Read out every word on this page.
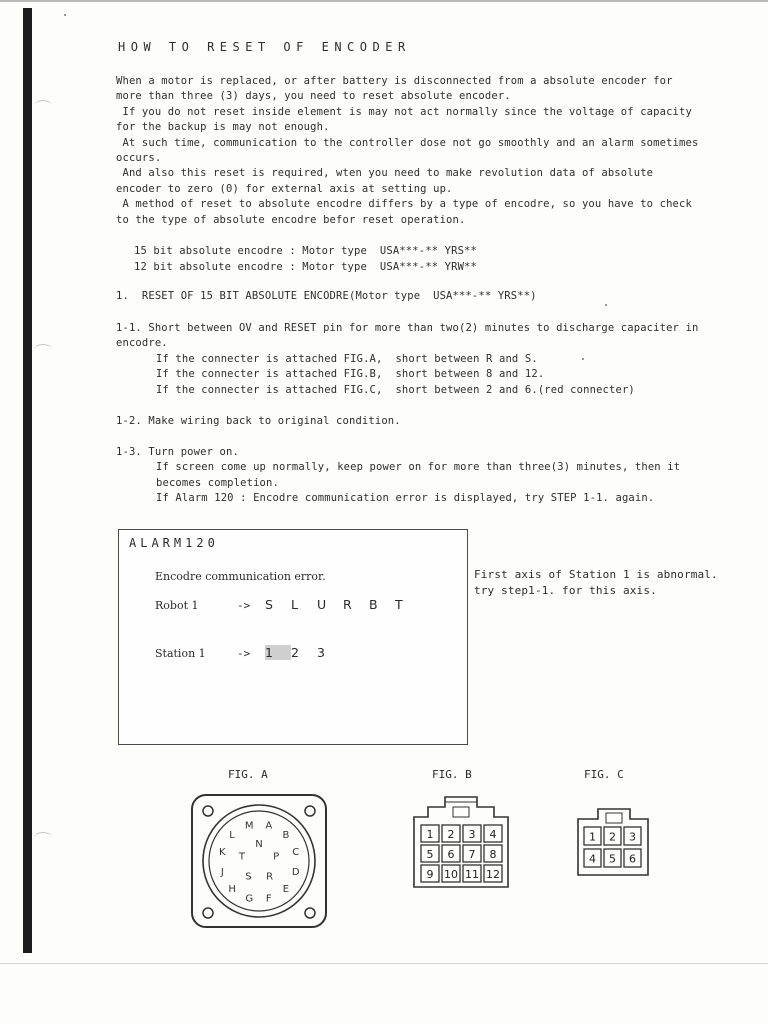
HOW TO RESET OF ENCODER

When a motor is replaced, or after battery is disconnected from a absolute encoder for

more than three (3) days, you need to reset absolute encoder.

If you do not reset inside element is may not act normally since the voltage of capacity

for the backup is may not enough.

At such time, communication to the controller dose not go smoothly and an alarm sometimes

occurs.

And also this reset is required, wten you need to make revolution data of absolute

encoder to zero (0) for external axis at setting up.

A method of reset to absolute encodre differs by a type of encodre, so you have to check

to the type of absolute encodre befor reset operation.

15 bit absolute encodre : Motor type  USA***-** YRS**
12 bit absolute encodre : Motor type  USA***-** YRW**
1.  RESET OF 15 BIT ABSOLUTE ENCODRE(Motor type  USA***-** YRS**)
1-1. Short between OV and RESET pin for more than two(2) minutes to discharge capaciter in
encodre.
If the connecter is attached FIG.A,  short between R and S.
If the connecter is attached FIG.B,  short between 8 and 12.
If the connecter is attached FIG.C,  short between 2 and 6.(red connecter)
1-2. Make wiring back to original condition.
1-3. Turn power on.
If screen come up normally, keep power on for more than three(3) minutes, then it
becomes completion.
If Alarm 120 : Encodre communication error is displayed, try STEP 1-1. again.
ALARM120
Encodre communication error.
Robot 1	-> S L U R B T
Station 1	-> 1 2 3
First axis of Station 1 is abnormal.
try step1-1. for this axis.
FIG. A	FIG. B	FIG. C
A
B
C
D
E
F
G
H
J
K
L
M
N
P
R
S
T
1 2 3 4
5 6 7 8
9 10 11 12
1 2 3
4 5 6
